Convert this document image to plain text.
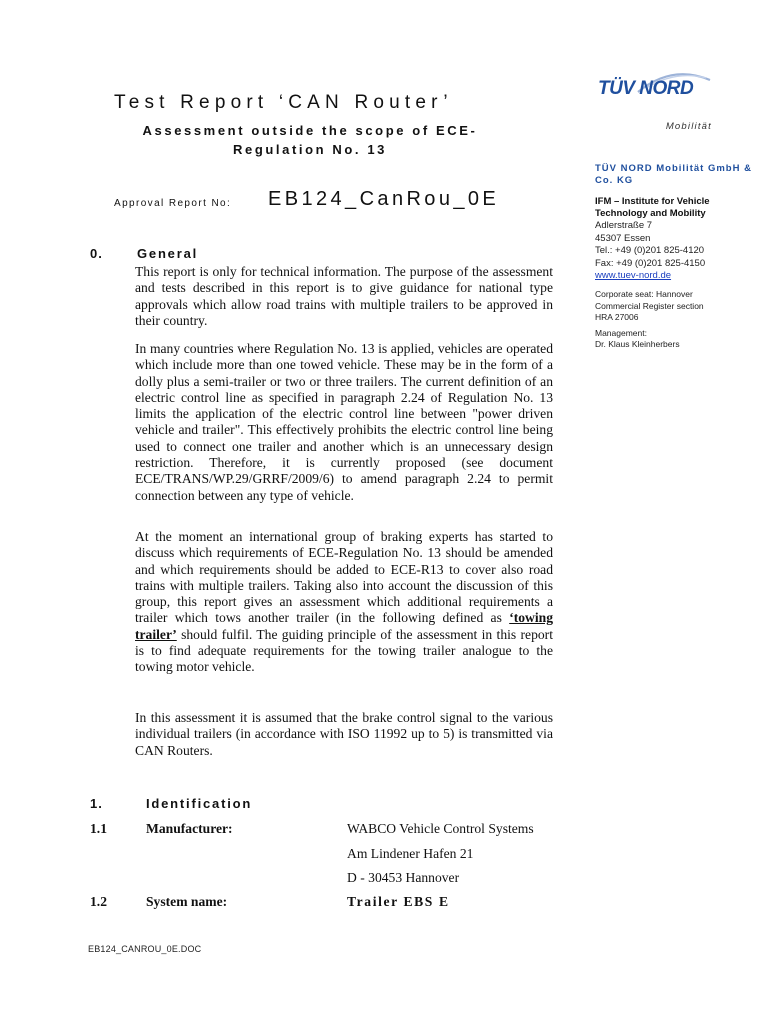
Test Report ‘CAN Router’
Assessment outside the scope of ECE-Regulation No. 13
Approval Report No: EB124_CanRou_0E
TÜV NORD
Mobilität
TÜV NORD Mobilität GmbH & Co. KG
IFM – Institute for Vehicle Technology and Mobility
Adlerstraße 7
45307 Essen
Tel.: +49 (0)201 825-4120
Fax: +49 (0)201 825-4150
www.tuev-nord.de
Corporate seat: Hannover
Commercial Register section
HRA 27006
Management:
Dr. Klaus Kleinherbers
0.	General
This report is only for technical information. The purpose of the assessment and tests described in this report is to give guidance for national type approvals which allow road trains with multiple trailers to be approved in their country.
In many countries where Regulation No. 13 is applied, vehicles are operated which include more than one towed vehicle. These may be in the form of a dolly plus a semi-trailer or two or three trailers. The current definition of an electric control line as specified in paragraph 2.24 of Regulation No. 13 limits the application of the electric control line between "power driven vehicle and trailer". This effectively prohibits the electric control line being used to connect one trailer and another which is an unnecessary design restriction. Therefore, it is currently proposed (see document ECE/TRANS/WP.29/GRRF/2009/6) to amend paragraph 2.24 to permit connection between any type of vehicle.
At the moment an international group of braking experts has started to discuss which requirements of ECE-Regulation No. 13 should be amended and which requirements should be added to ECE-R13 to cover also road trains with multiple trailers. Taking also into account the discussion of this group, this report gives an assessment which additional requirements a trailer which tows another trailer (in the following defined as ‘towing trailer’ should fulfil. The guiding principle of the assessment in this report is to find adequate requirements for the towing trailer analogue to the towing motor vehicle.
In this assessment it is assumed that the brake control signal to the various individual trailers (in accordance with ISO 11992 up to 5) is transmitted via CAN Routers.
1.	Identification
1.1	Manufacturer:	WABCO Vehicle Control Systems
Am Lindener Hafen 21
D - 30453 Hannover
1.2	System name:	Trailer EBS E
EB124_CANROU_0E.DOC
